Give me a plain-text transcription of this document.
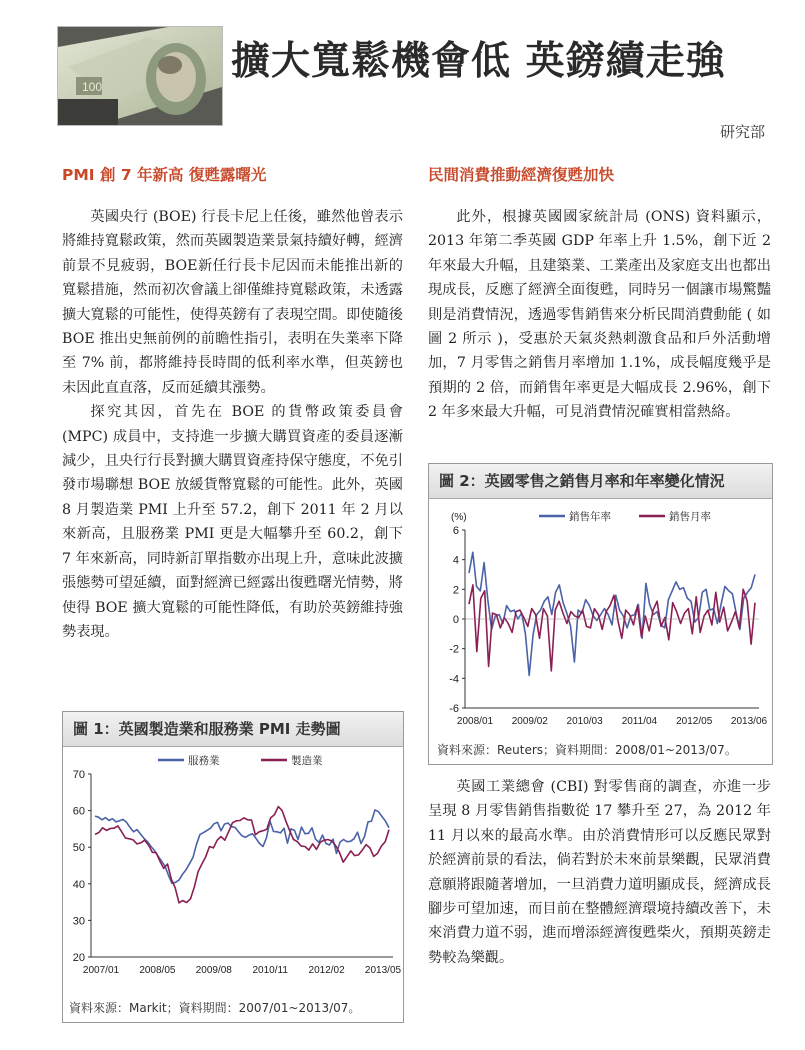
100
擴大寬鬆機會低 英鎊續走強
研究部
PMI 創 7 年新高 復甦露曙光

英國央行 (BOE) 行長卡尼上任後，雖然他曾表示將維持寬鬆政策，然而英國製造業景氣持續好轉，經濟前景不見疲弱，BOE新任行長卡尼因而未能推出新的寬鬆措施，然而初次會議上卻僅維持寬鬆政策，未透露擴大寬鬆的可能性，使得英鎊有了表現空間。即使隨後 BOE 推出史無前例的前瞻性指引，表明在失業率下降至 7% 前，都將維持長時間的低利率水準，但英鎊也未因此直直落，反而延續其漲勢。

探究其因，首先在 BOE 的貨幣政策委員會 (MPC) 成員中，支持進一步擴大購買資產的委員逐漸減少，且央行行長對擴大購買資產持保守態度，不免引發市場聯想 BOE 放緩貨幣寬鬆的可能性。此外，英國 8 月製造業 PMI 上升至 57.2，創下 2011 年 2 月以來新高，且服務業 PMI 更是大幅攀升至 60.2，創下 7 年來新高，同時新訂單指數亦出現上升，意味此波擴張態勢可望延續，面對經濟已經露出復甦曙光情勢，將使得 BOE 擴大寬鬆的可能性降低，有助於英鎊維持強勢表現。

圖 1：英國製造業和服務業 PMI 走勢圖
20
30
40
50
60
70
2007/01 2008/05 2009/08 2010/11 2012/02 2013/05
服務業	製造業
資料來源：Markit；資料期間：2007/01~2013/07。
民間消費推動經濟復甦加快

此外，根據英國國家統計局 (ONS) 資料顯示，2013 年第二季英國 GDP 年率上升 1.5%，創下近 2 年來最大升幅，且建築業、工業產出及家庭支出也都出現成長，反應了經濟全面復甦，同時另一個讓市場驚豔則是消費情況，透過零售銷售來分析民間消費動能 ( 如圖 2 所示 )，受惠於天氣炎熱刺激食品和戶外活動增加，7 月零售之銷售月率增加 1.1%，成長幅度幾乎是預期的 2 倍，而銷售年率更是大幅成長 2.96%，創下 2 年多來最大升幅，可見消費情況確實相當熱絡。

圖 2：英國零售之銷售月率和年率變化情況
-6
-4
-2
0
2
4
6
(%)
2008/01 2009/02 2010/03 2011/04 2012/05 2013/06
銷售年率	銷售月率
資料來源：Reuters；資料期間：2008/01~2013/07。

英國工業總會 (CBI) 對零售商的調查，亦進一步呈現 8 月零售銷售指數從 17 攀升至 27，為 2012 年 11 月以來的最高水準。由於消費情形可以反應民眾對於經濟前景的看法，倘若對於未來前景樂觀，民眾消費意願將跟隨著增加，一旦消費力道明顯成長，經濟成長腳步可望加速，而目前在整體經濟環境持續改善下，未來消費力道不弱，進而增添經濟復甦柴火，預期英鎊走勢較為樂觀。
